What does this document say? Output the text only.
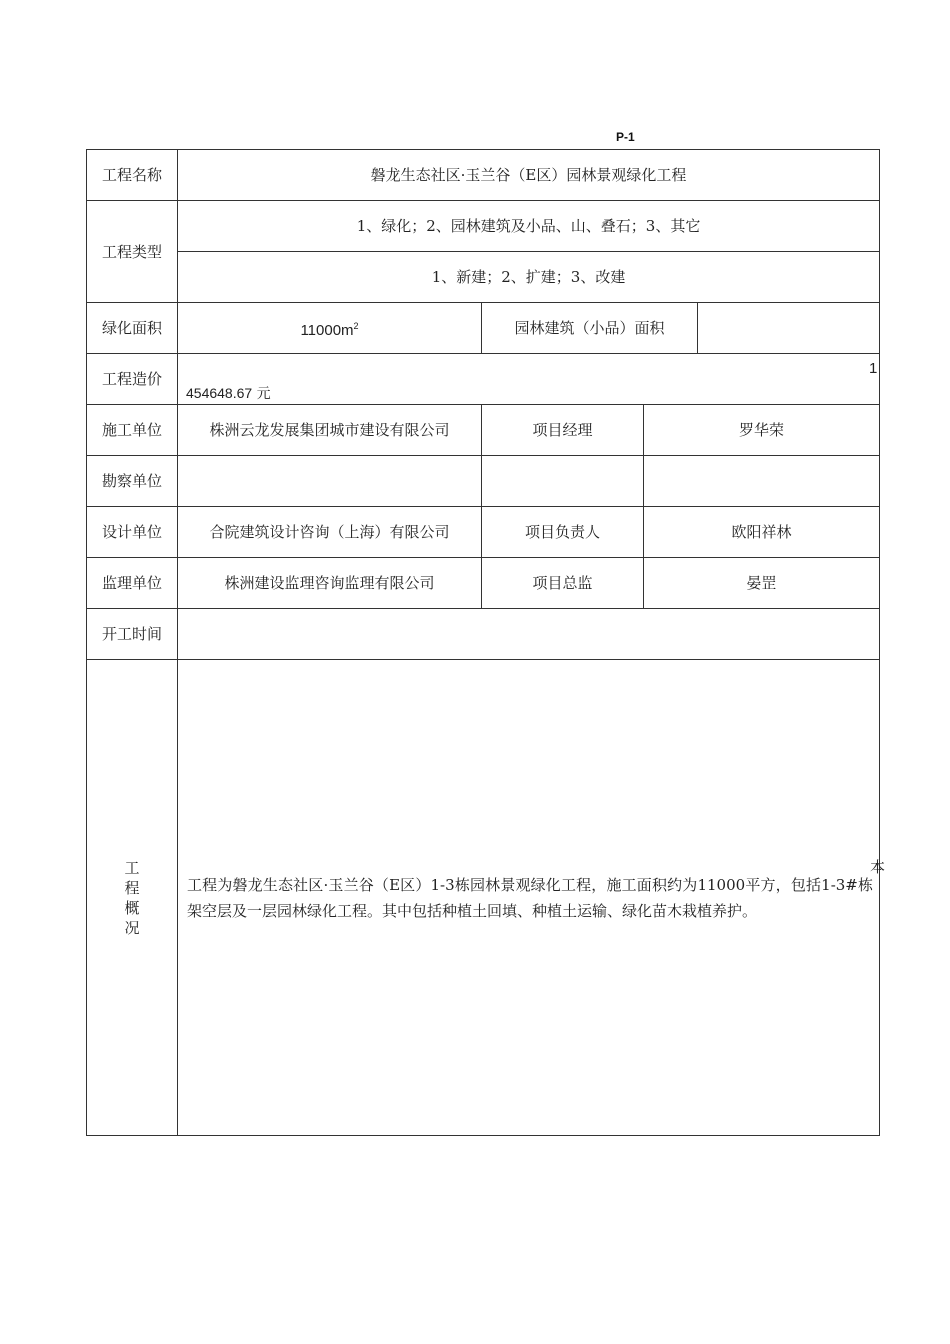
P-1
工程名称	磐龙生态社区·玉兰谷（E区）园林景观绿化工程			
工程类型	1、绿化；2、园林建筑及小品、山、叠石；3、其它			
	1、新建；2、扩建；3、改建			
绿化面积	$11000m^2$	园林建筑（小品）面积		
工程造价	454648.67 元			

施工单位	株洲云龙发展集团城市建设有限公司	项目经理	罗华荣	
勘察单位				
设计单位	合院建筑设计咨询（上海）有限公司	项目负责人	欧阳祥林	
监理单位	株洲建设监理咨询监理有限公司	项目总监	晏罡	
开工时间				

工
程
概
况	工程为磐龙生态社区·玉兰谷（E区）1-3栋园林景观绿化工程，施工面积约为11000平方，包括1-3#栋架空层及一层园林绿化工程。其中包括种植土回填、种植土运输、绿化苗木栽植养护。			
1
本
